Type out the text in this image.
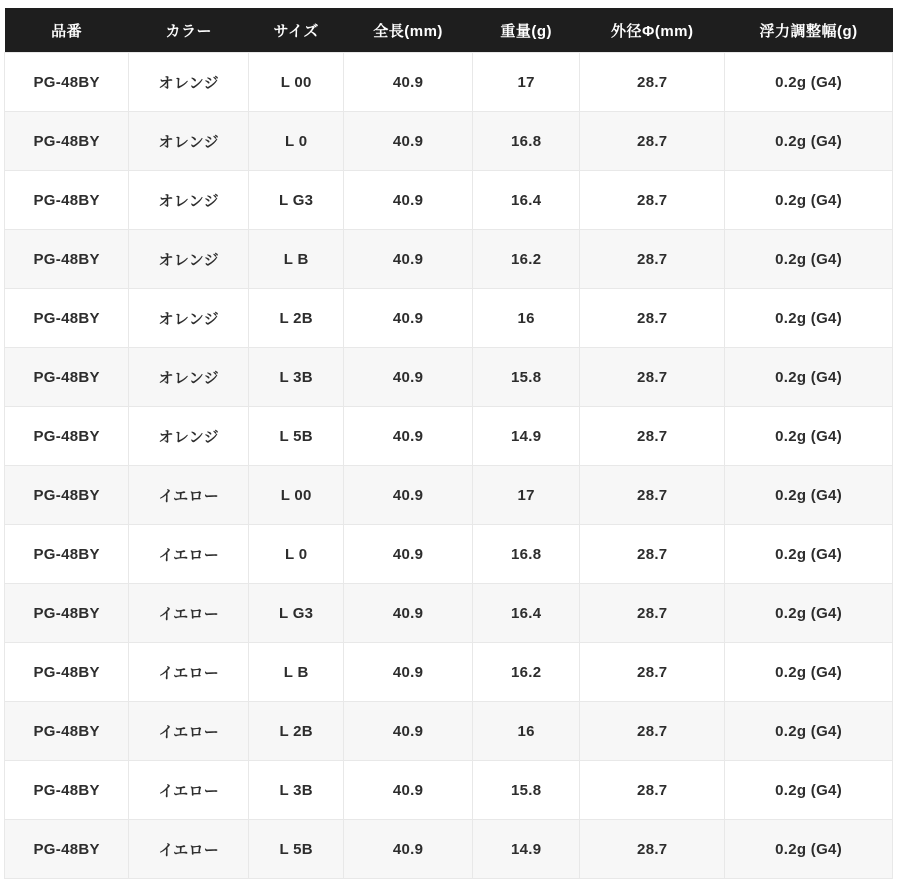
品番	カラー	サイズ	全長(mm)	重量(g)	外径Φ(mm)	浮力調整幅(g)
PG-48BY	オレンジ	L 00	40.9	17	28.7	0.2g (G4)
PG-48BY	オレンジ	L 0	40.9	16.8	28.7	0.2g (G4)
PG-48BY	オレンジ	L G3	40.9	16.4	28.7	0.2g (G4)
PG-48BY	オレンジ	L B	40.9	16.2	28.7	0.2g (G4)
PG-48BY	オレンジ	L 2B	40.9	16	28.7	0.2g (G4)
PG-48BY	オレンジ	L 3B	40.9	15.8	28.7	0.2g (G4)
PG-48BY	オレンジ	L 5B	40.9	14.9	28.7	0.2g (G4)
PG-48BY	イエロー	L 00	40.9	17	28.7	0.2g (G4)
PG-48BY	イエロー	L 0	40.9	16.8	28.7	0.2g (G4)
PG-48BY	イエロー	L G3	40.9	16.4	28.7	0.2g (G4)
PG-48BY	イエロー	L B	40.9	16.2	28.7	0.2g (G4)
PG-48BY	イエロー	L 2B	40.9	16	28.7	0.2g (G4)
PG-48BY	イエロー	L 3B	40.9	15.8	28.7	0.2g (G4)
PG-48BY	イエロー	L 5B	40.9	14.9	28.7	0.2g (G4)
